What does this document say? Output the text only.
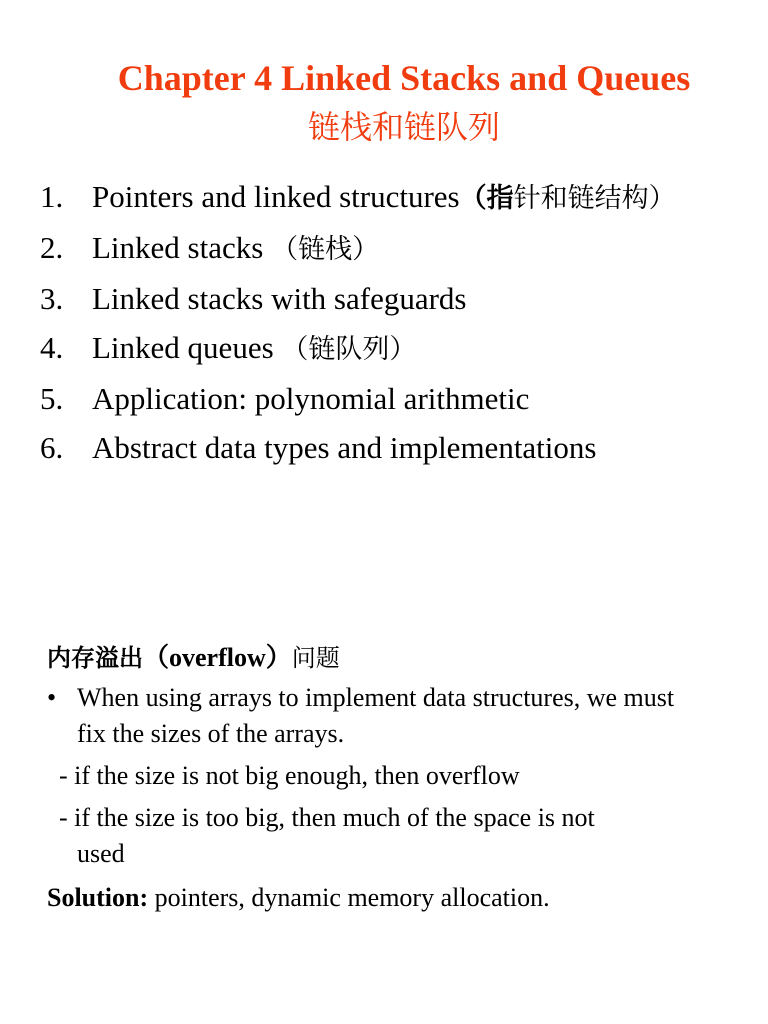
Chapter 4 Linked Stacks and Queues
链栈和链队列
1. Pointers and linked structures（指针和链结构）
2. Linked stacks （链栈）
3. Linked stacks with safeguards
4. Linked queues （链队列）
5. Application: polynomial arithmetic
6. Abstract data types and implementations
内存溢出（overflow）问题
• When using arrays to implement data structures, we must fix the sizes of the arrays.
- if the size is not big enough, then overflow
- if the size is too big, then much of the space is not
used
Solution: pointers, dynamic memory allocation.
